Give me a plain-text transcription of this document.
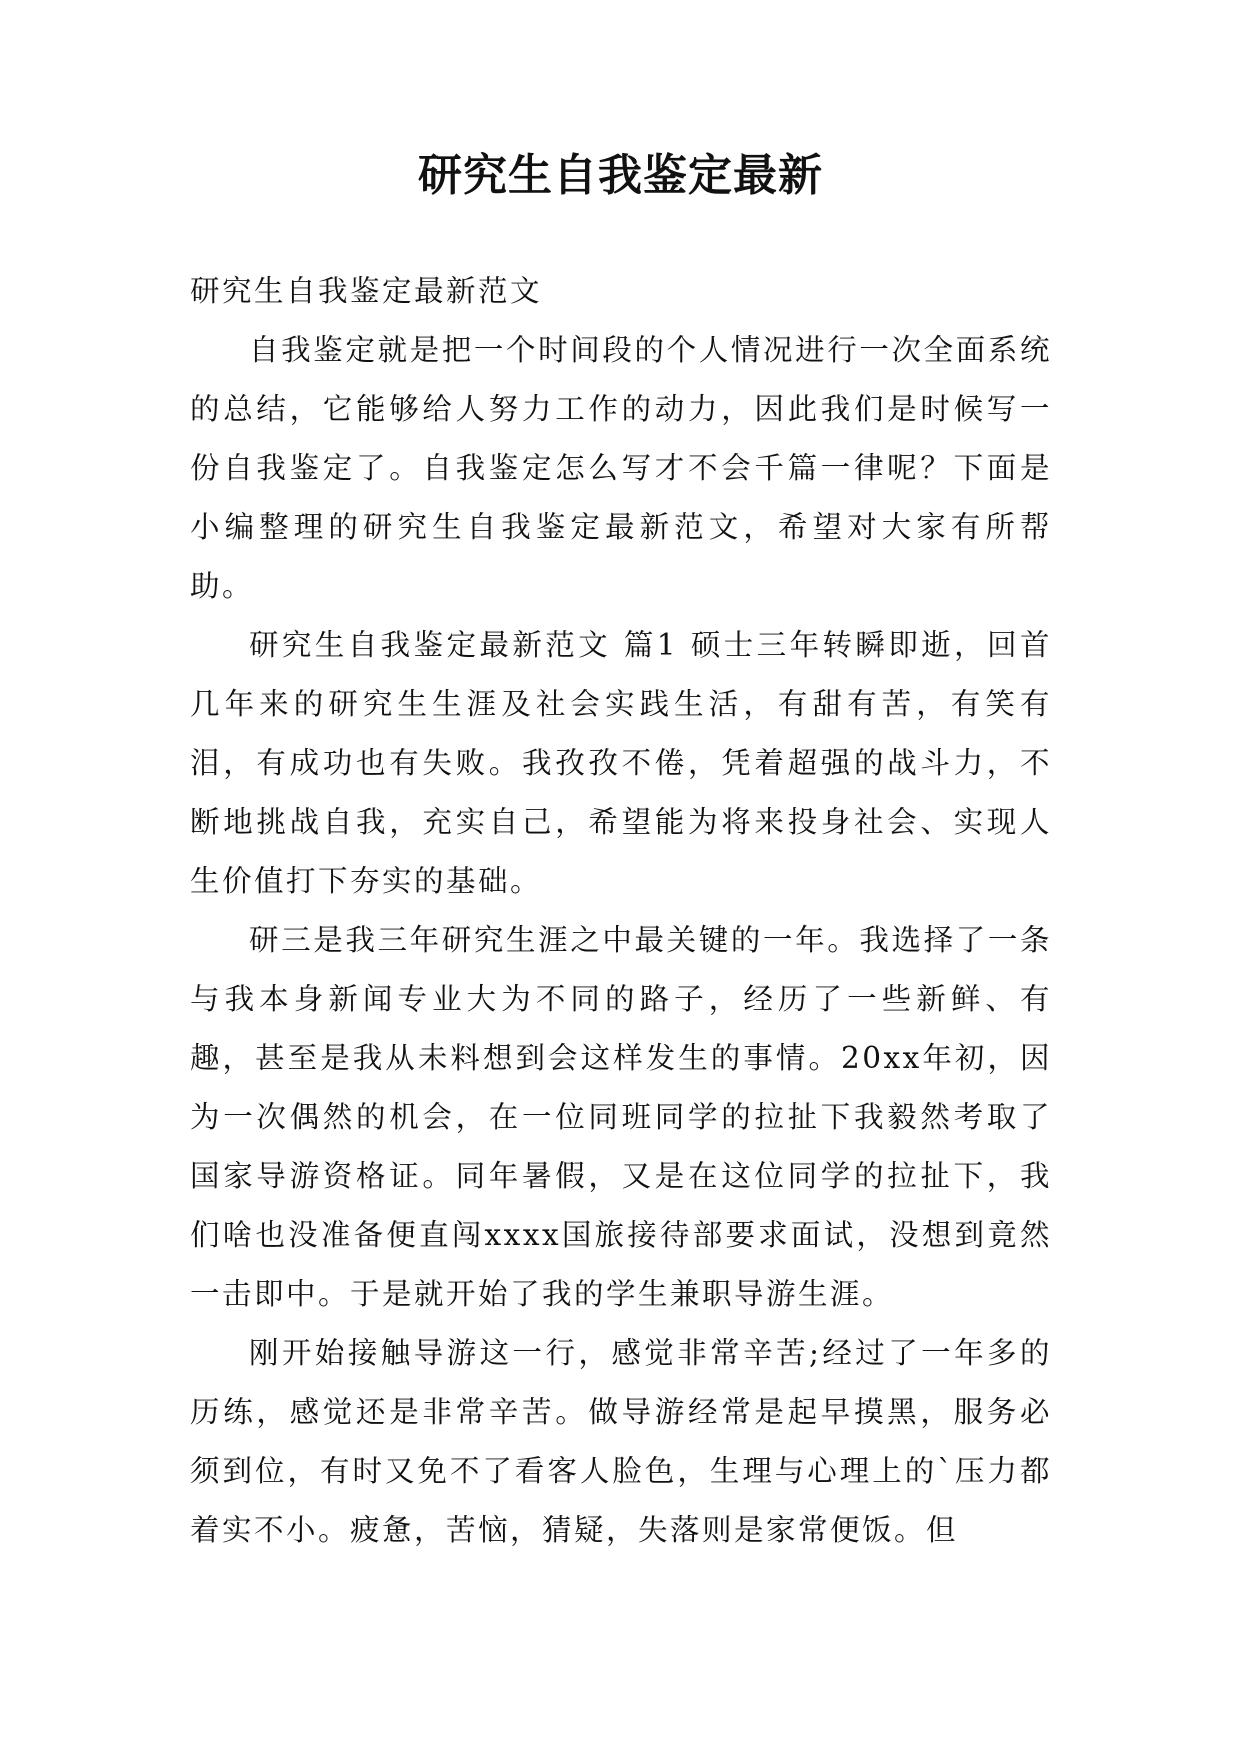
研究生自我鉴定最新

研究生自我鉴定最新范文

自我鉴定就是把一个时间段的个人情况进行一次全面系统的总结，它能够给人努力工作的动力，因此我们是时候写一份自我鉴定了。自我鉴定怎么写才不会千篇一律呢？下面是小编整理的研究生自我鉴定最新范文，希望对大家有所帮助。

研究生自我鉴定最新范文 篇1 硕士三年转瞬即逝，回首几年来的研究生生涯及社会实践生活，有甜有苦，有笑有泪，有成功也有失败。我孜孜不倦，凭着超强的战斗力，不断地挑战自我，充实自己，希望能为将来投身社会、实现人生价值打下夯实的基础。

研三是我三年研究生涯之中最关键的一年。我选择了一条与我本身新闻专业大为不同的路子，经历了一些新鲜、有趣，甚至是我从未料想到会这样发生的事情。20xx年初，因为一次偶然的机会，在一位同班同学的拉扯下我毅然考取了国家导游资格证。同年暑假，又是在这位同学的拉扯下，我们啥也没准备便直闯xxxx国旅接待部要求面试，没想到竟然一击即中。于是就开始了我的学生兼职导游生涯。

刚开始接触导游这一行，感觉非常辛苦;经过了一年多的历练，感觉还是非常辛苦。做导游经常是起早摸黑，服务必须到位，有时又免不了看客人脸色，生理与心理上的`压力都着实不小。疲惫，苦恼，猜疑，失落则是家常便饭。但
